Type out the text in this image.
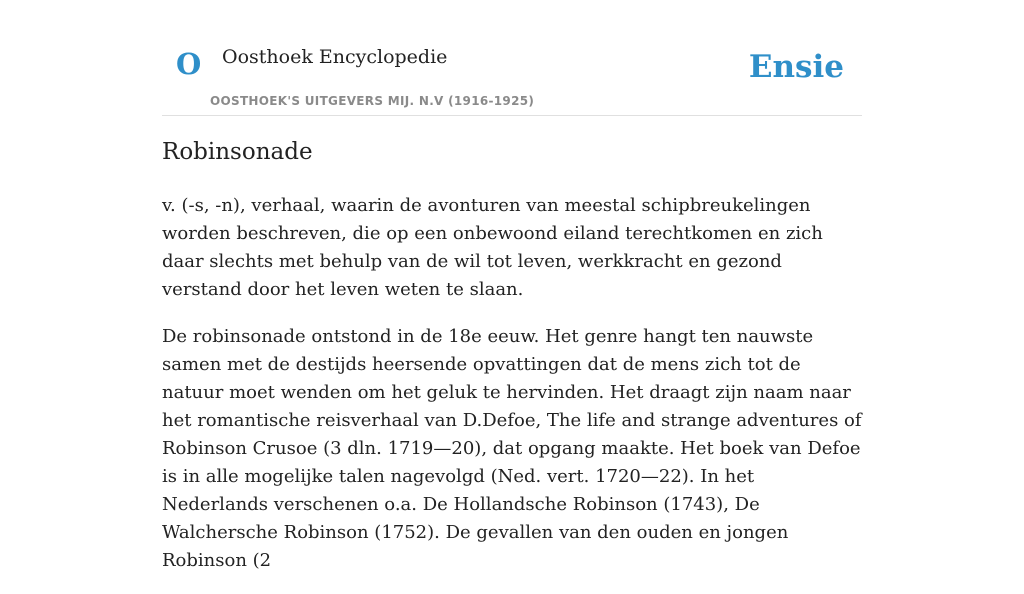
O Oosthoek Encyclopedie
OOSTHOEK'S UITGEVERS MIJ. N.V (1916-1925)
Ensie
Robinsonade

v. (-s, -n), verhaal, waarin de avonturen van meestal schipbreukelingen worden beschreven, die op een onbewoond eiland terechtkomen en zich daar slechts met behulp van de wil tot leven, werkkracht en gezond verstand door het leven weten te slaan.

De robinsonade ontstond in de 18e eeuw. Het genre hangt ten nauwste samen met de destijds heersende opvattingen dat de mens zich tot de natuur moet wenden om het geluk te hervinden. Het draagt zijn naam naar het romantische reisverhaal van D.Defoe, The life and strange adventures of Robinson Crusoe (3 dln. 1719—20), dat opgang maakte. Het boek van Defoe is in alle mogelijke talen nagevolgd (Ned. vert. 1720—22). In het Nederlands verschenen o.a. De Hollandsche Robinson (1743), De Walchersche Robinson (1752). De gevallen van den ouden en jongen Robinson (2
